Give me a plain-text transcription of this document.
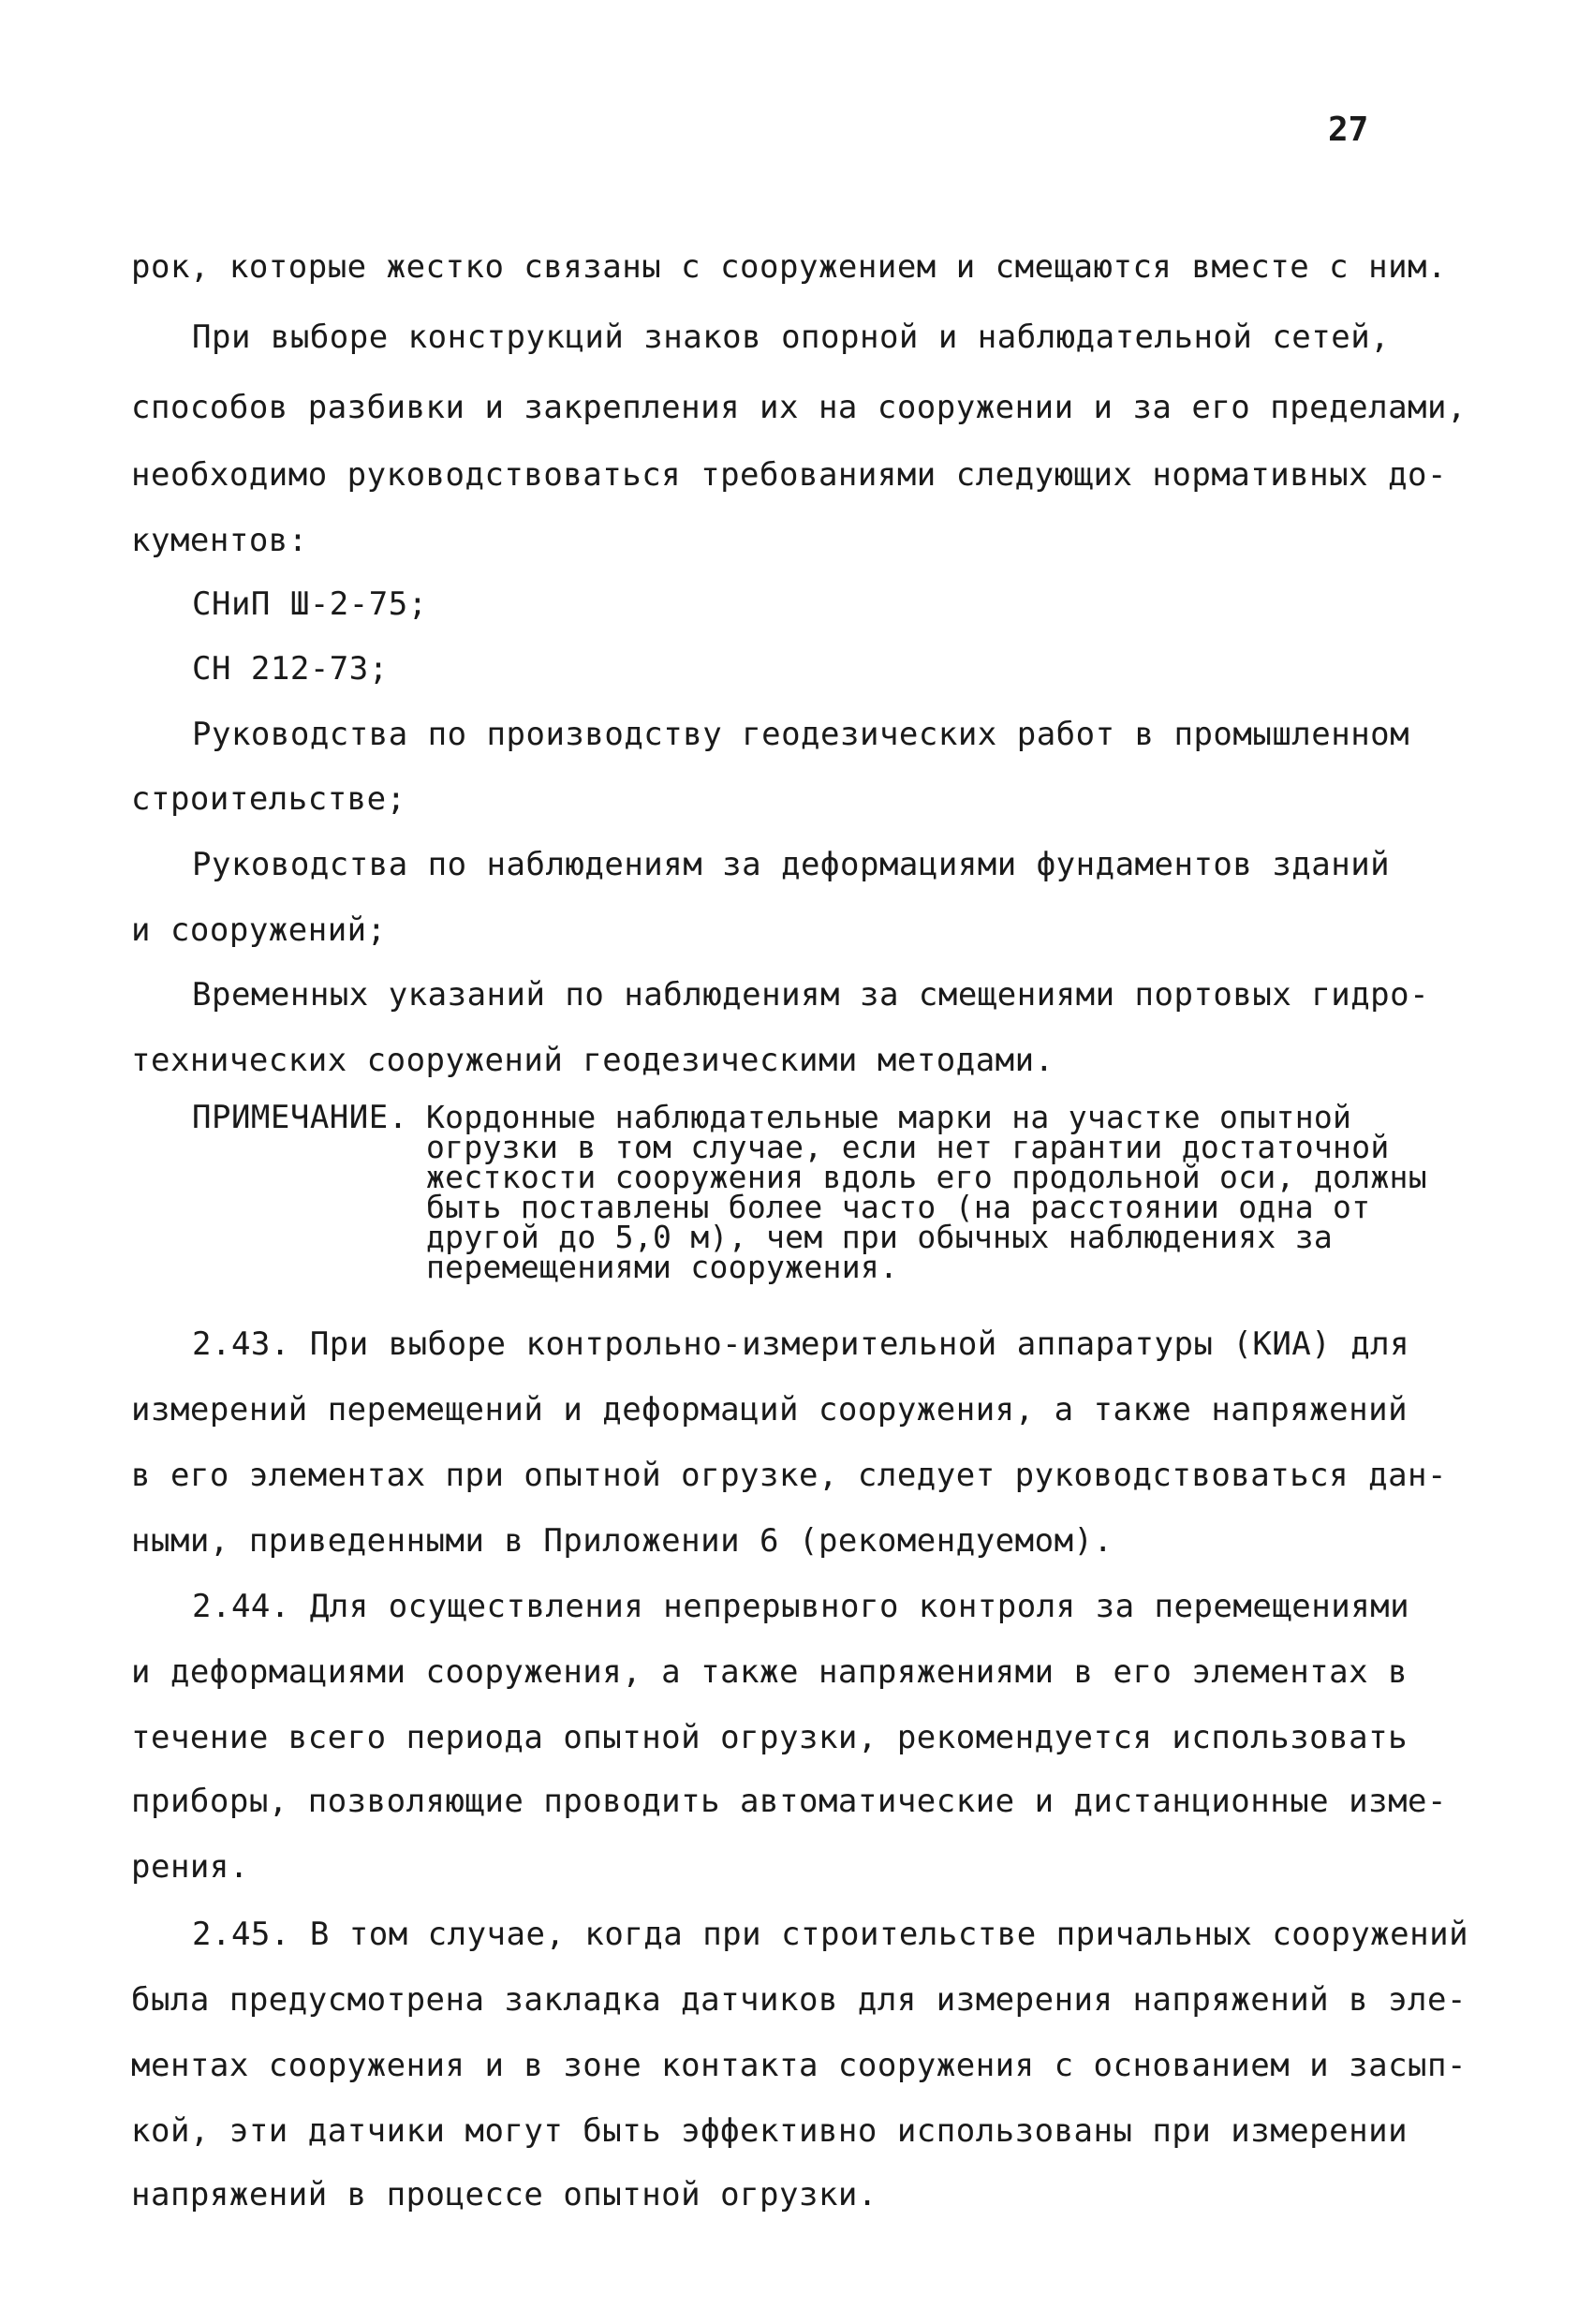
27
рок, которые жестко связаны с сооружением и смещаются вместе с ним.
При выборе конструкций знаков опорной и наблюдательной сетей,
способов разбивки и закрепления их на сооружении и за его пределами,
необходимо руководствоваться требованиями следующих нормативных до-
кументов:
СНиП Ш-2-75;
СН 212-73;
Руководства по производству геодезических работ в промышленном
строительстве;
Руководства по наблюдениям за деформациями фундаментов зданий
и сооружений;
Временных указаний по наблюдениям за смещениями портовых гидро-
технических сооружений геодезическими методами.
ПРИМЕЧАНИЕ. Кордонные наблюдательные марки на участке опытной
огрузки в том случае, если нет гарантии достаточной
жесткости сооружения вдоль его продольной оси, должны
быть поставлены более часто (на расстоянии одна от
другой до 5,0 м), чем при обычных наблюдениях за
перемещениями сооружения.
2.43. При выборе контрольно-измерительной аппаратуры (КИА) для
измерений перемещений и деформаций сооружения, а также напряжений
в его элементах при опытной огрузке, следует руководствоваться дан-
ными, приведенными в Приложении 6 (рекомендуемом).
2.44. Для осуществления непрерывного контроля за перемещениями
и деформациями сооружения, а также напряжениями в его элементах в
течение всего периода опытной огрузки, рекомендуется использовать
приборы, позволяющие проводить автоматические и дистанционные изме-
рения.
2.45. В том случае, когда при строительстве причальных сооружений
была предусмотрена закладка датчиков для измерения напряжений в эле-
ментах сооружения и в зоне контакта сооружения с основанием и засып-
кой, эти датчики могут быть эффективно использованы при измерении
напряжений в процессе опытной огрузки.
